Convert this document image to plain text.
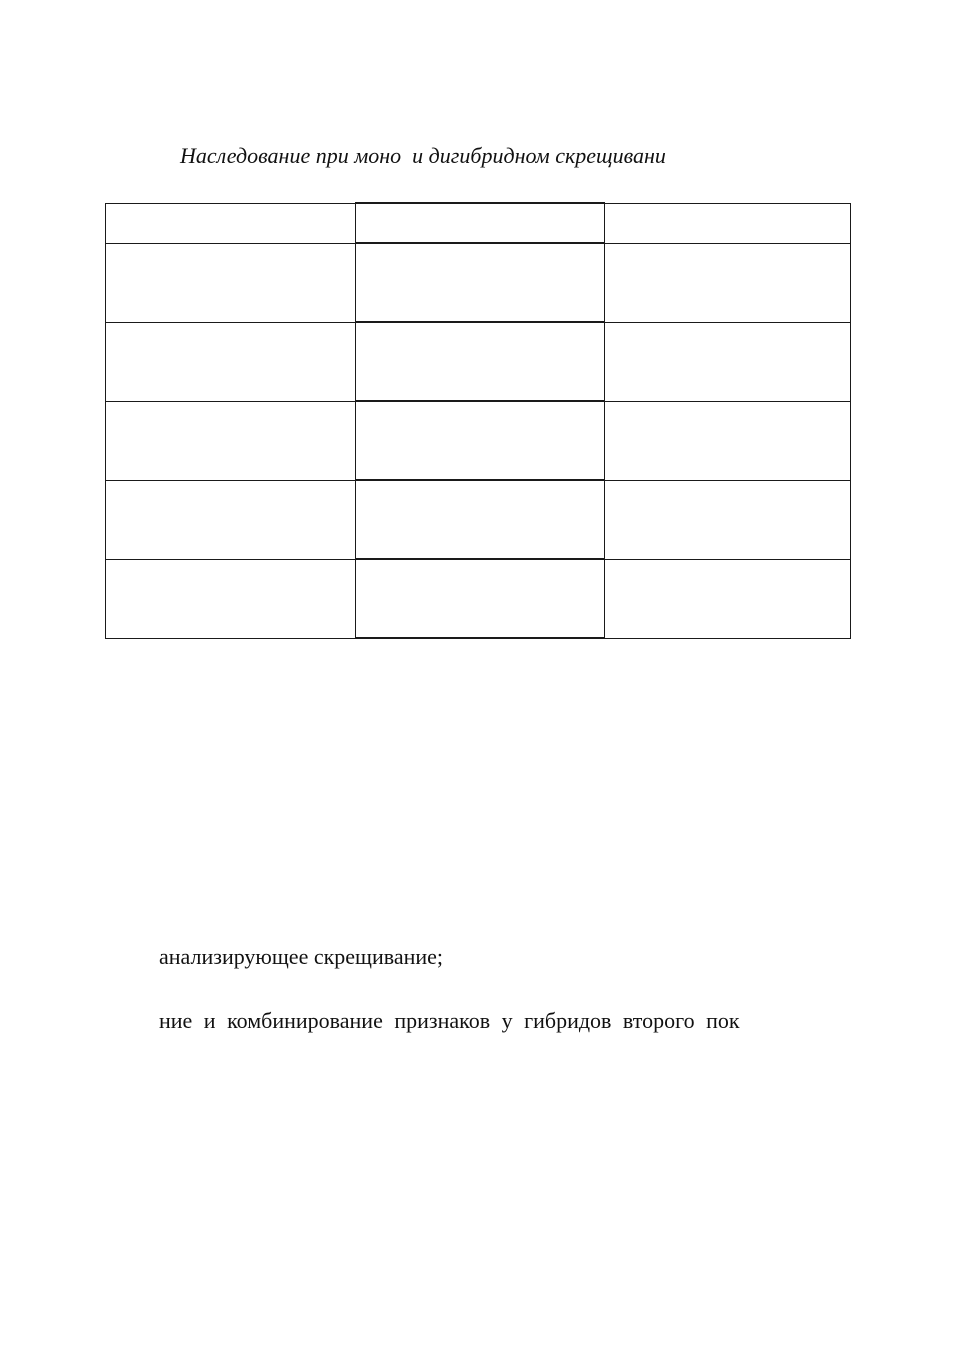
Наследование при моно  и дигибридном скрещивани

анализирующее скрещивание;

ние и комбинирование признаков у гибридов второго пок
